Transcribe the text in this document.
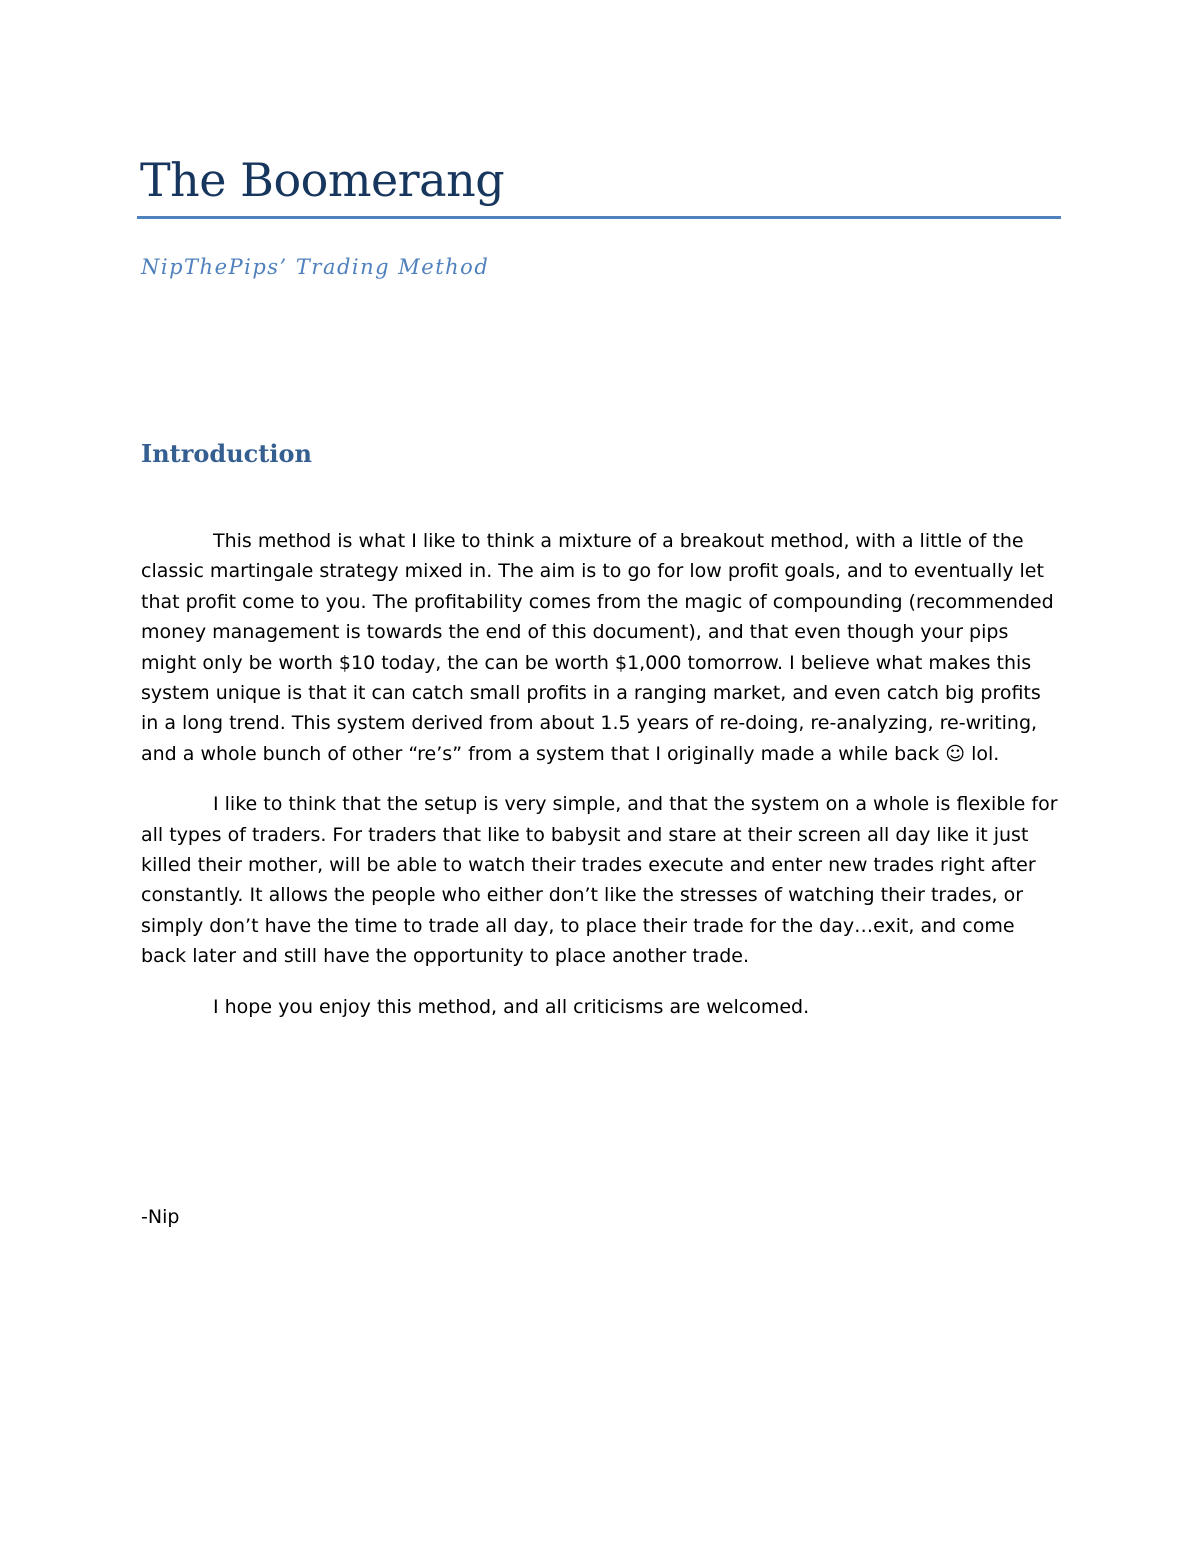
The Boomerang

NipThePips’ Trading Method

Introduction

This method is what I like to think a mixture of a breakout method, with a little of the classic martingale strategy mixed in. The aim is to go for low profit goals, and to eventually let that profit come to you. The profitability comes from the magic of compounding (recommended money management is towards the end of this document), and that even though your pips might only be worth $10 today, the can be worth $1,000 tomorrow. I believe what makes this system unique is that it can catch small profits in a ranging market, and even catch big profits in a long trend. This system derived from about 1.5 years of re-doing, re-analyzing, re-writing, and a whole bunch of other “re’s” from a system that I originally made a while back ☺ lol.

I like to think that the setup is very simple, and that the system on a whole is flexible for all types of traders. For traders that like to babysit and stare at their screen all day like it just killed their mother, will be able to watch their trades execute and enter new trades right after constantly. It allows the people who either don’t like the stresses of watching their trades, or simply don’t have the time to trade all day, to place their trade for the day…exit, and come back later and still have the opportunity to place another trade.

I hope you enjoy this method, and all criticisms are welcomed.

-Nip
